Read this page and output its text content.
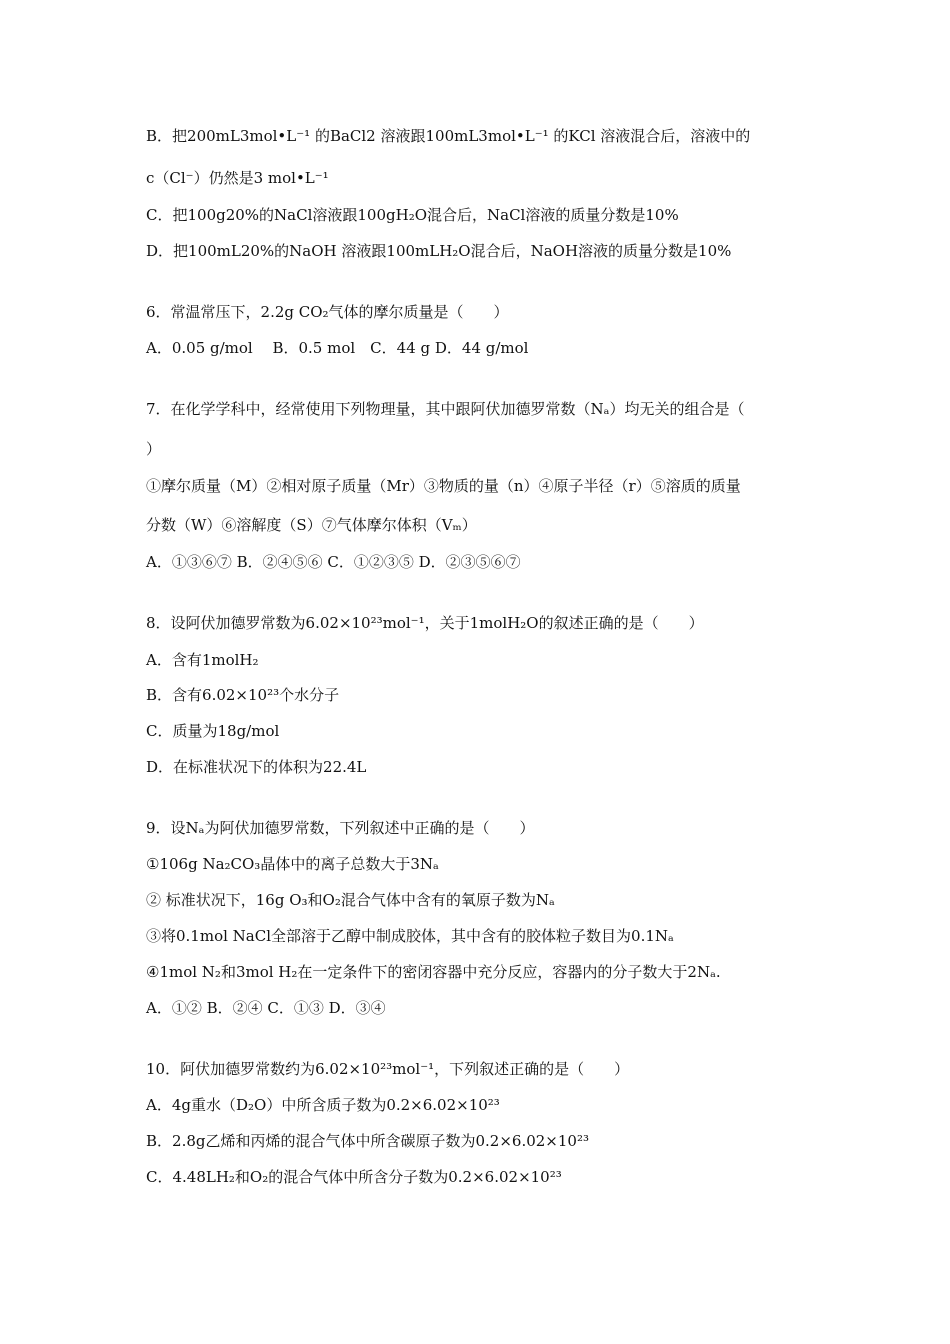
B．把200mL3mol•L⁻¹ 的BaCl2 溶液跟100mL3mol•L⁻¹ 的KCl 溶液混合后，溶液中的
c（Cl⁻）仍然是3 mol•L⁻¹
C．把100g20%的NaCl溶液跟100gH₂O混合后，NaCl溶液的质量分数是10%
D．把100mL20%的NaOH 溶液跟100mLH₂O混合后，NaOH溶液的质量分数是10%
6．常温常压下，2.2g CO₂气体的摩尔质量是（　　）
A．0.05 g/mol　 B．0.5 mol　C．44 g D．44 g/mol
7．在化学学科中，经常使用下列物理量，其中跟阿伏加德罗常数（Nₐ）均无关的组合是（
）
①摩尔质量（M）②相对原子质量（Mr）③物质的量（n）④原子半径（r）⑤溶质的质量
分数（W）⑥溶解度（S）⑦气体摩尔体积（Vₘ）
A．①③⑥⑦ B．②④⑤⑥ C．①②③⑤ D．②③⑤⑥⑦
8．设阿伏加德罗常数为6.02×10²³mol⁻¹，关于1molH₂O的叙述正确的是（　　）
A．含有1molH₂
B．含有6.02×10²³个水分子
C．质量为18g/mol
D．在标准状况下的体积为22.4L
9．设Nₐ为阿伏加德罗常数，下列叙述中正确的是（　　）
①106g Na₂CO₃晶体中的离子总数大于3Nₐ
② 标准状况下，16g O₃和O₂混合气体中含有的氧原子数为Nₐ
③将0.1mol NaCl全部溶于乙醇中制成胶体，其中含有的胶体粒子数目为0.1Nₐ
④1mol N₂和3mol H₂在一定条件下的密闭容器中充分反应，容器内的分子数大于2Nₐ.
A．①② B．②④ C．①③ D．③④
10．阿伏加德罗常数约为6.02×10²³mol⁻¹，下列叙述正确的是（　　）
A．4g重水（D₂O）中所含质子数为0.2×6.02×10²³
B．2.8g乙烯和丙烯的混合气体中所含碳原子数为0.2×6.02×10²³
C．4.48LH₂和O₂的混合气体中所含分子数为0.2×6.02×10²³
